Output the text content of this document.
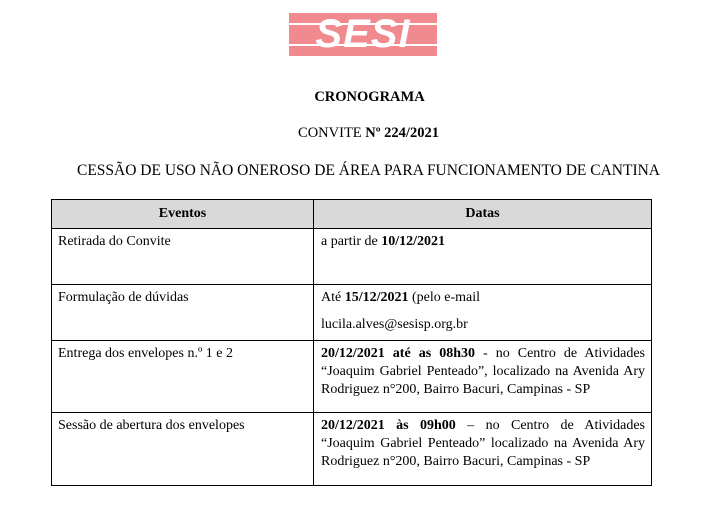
SESI
CRONOGRAMA
CONVITE Nº 224/2021
CESSÃO DE USO NÃO ONEROSO DE ÁREA PARA FUNCIONAMENTO DE CANTINA
Eventos	Datas

Retirada do Convite	a partir de 10/12/2021

Formulação de dúvidas	Até 15/12/2021 (pelo e-mail
lucila.alves@sesisp.org.br

Entrega dos envelopes n.º 1 e 2	20/12/2021 até as 08h30 - no Centro de Atividades “Joaquim Gabriel Penteado”, localizado na Avenida Ary Rodriguez n°200, Bairro Bacuri, Campinas - SP

Sessão de abertura dos envelopes	20/12/2021 às 09h00 – no Centro de Atividades “Joaquim Gabriel Penteado” localizado na Avenida Ary Rodriguez n°200, Bairro Bacuri, Campinas - SP
